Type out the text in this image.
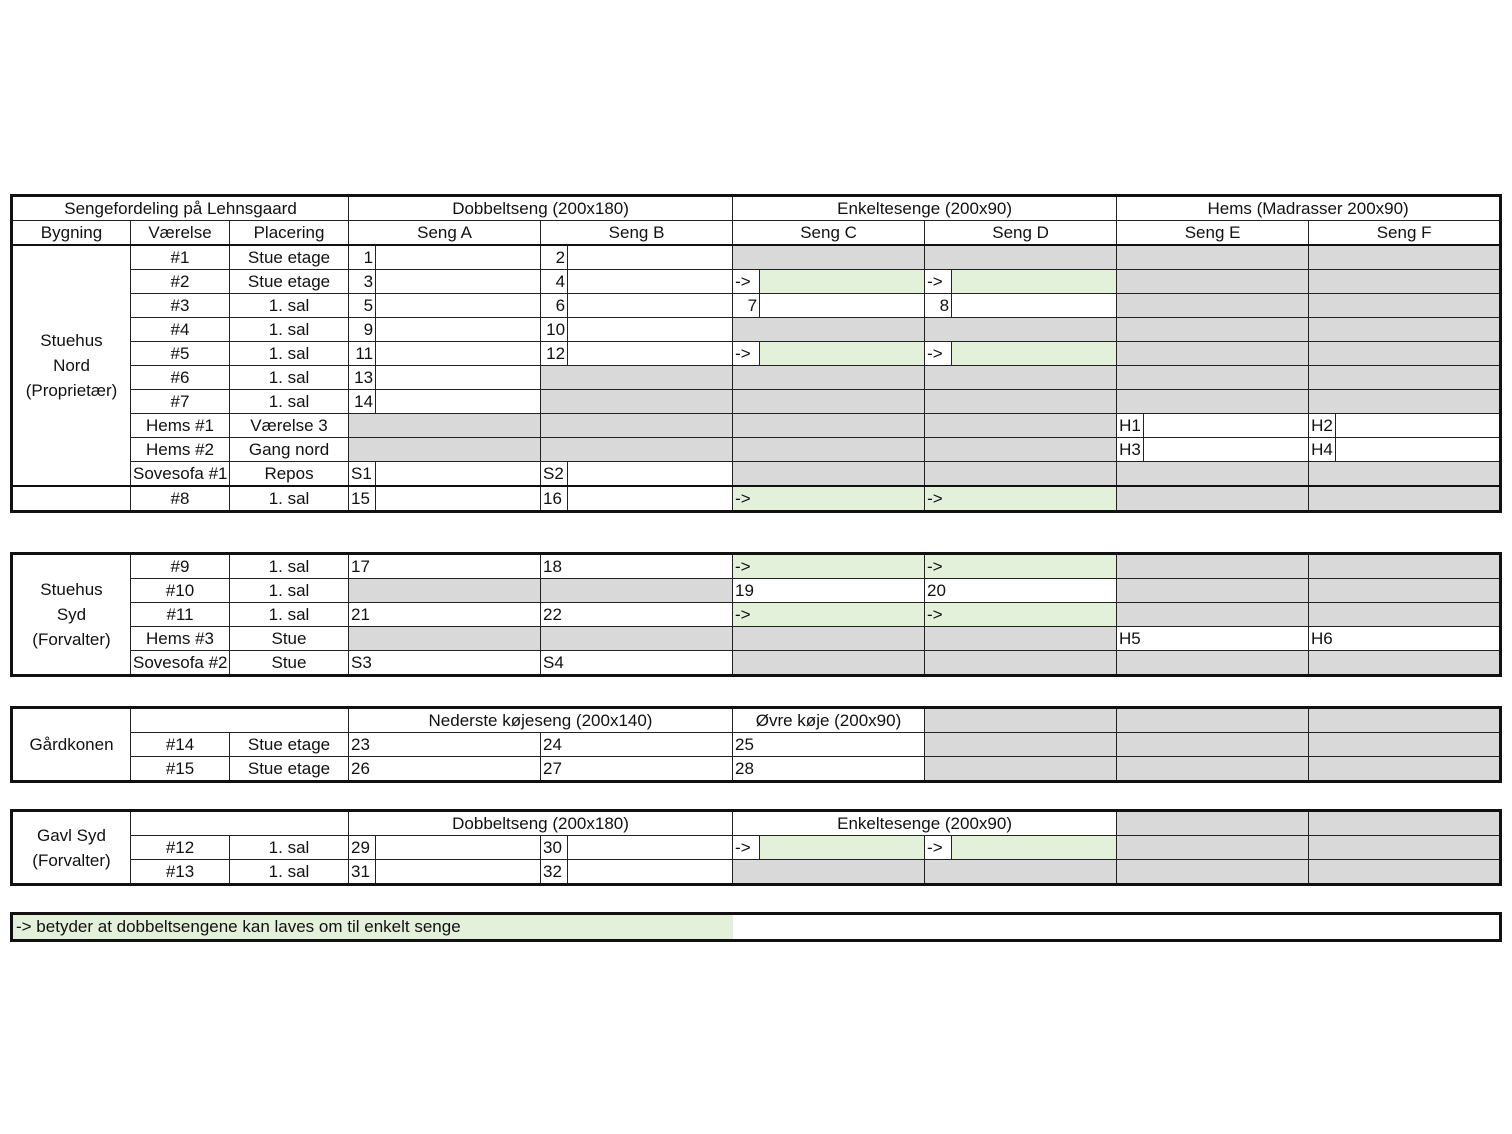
Sengefordeling på Lehnsgaard			Dobbeltseng (200x180)				Enkeltesenge (200x90)				Hems (Madrasser 200x90)			
Bygning	Værelse	Placering	Seng A		Seng B		Seng C		Seng D		Seng E		Seng F	

Stuehus
Nord
(Proprietær)	#1	Stue etage	1		2									
	#2	Stue etage	3		4		->		->					
	#3	1. sal	5		6		7		8					
	#4	1. sal	9		10									
	#5	1. sal	11		12		->		->					
	#6	1. sal	13											
	#7	1. sal	14											
	Hems #1	Værelse 3									H1		H2	
	Hems #2	Gang nord									H3		H4	
	Sovesofa #1	Repos	S1		S2									
	#8	1. sal	15		16		->		->					
Stuehus
Syd
(Forvalter)	#9	1. sal	17	18	->	->		
	#10	1. sal			19	20		
	#11	1. sal	21	22	->	->		
	Hems #3	Stue					H5	H6
	Sovesofa #2	Stue	S3	S4				
Gårdkonen			Nederste køjeseng (200x140)		Øvre køje (200x90)			
	#14	Stue etage	23	24	25			
	#15	Stue etage	26	27	28			
Gavl Syd
(Forvalter)			Dobbeltseng (200x180)				Enkeltesenge (200x90)					
	#12	1. sal	29		30		->		->			
	#13	1. sal	31		32							
-> betyder at dobbeltsengene kan laves om til enkelt senge
